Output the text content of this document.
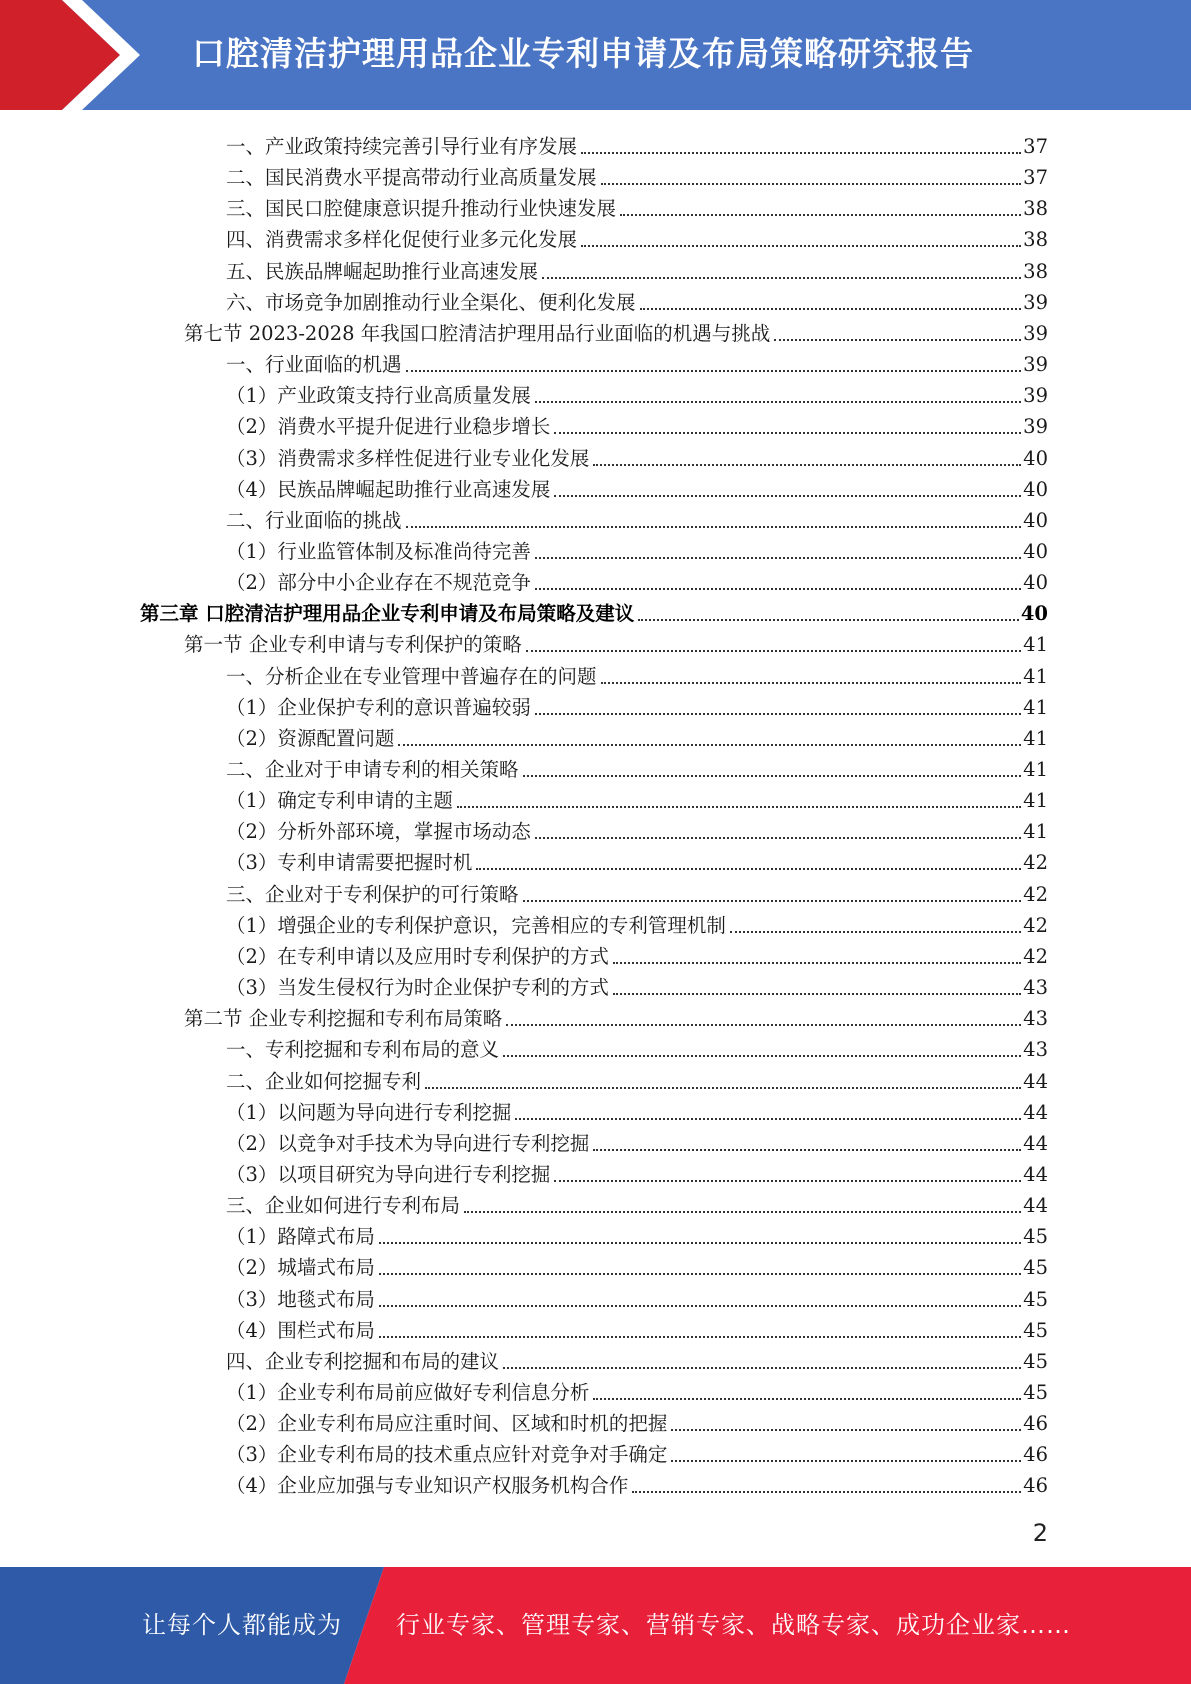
口腔清洁护理用品企业专利申请及布局策略研究报告
一、产业政策持续完善引导行业有序发展	37
二、国民消费水平提高带动行业高质量发展	37
三、国民口腔健康意识提升推动行业快速发展	38
四、消费需求多样化促使行业多元化发展	38
五、民族品牌崛起助推行业高速发展	38
六、市场竞争加剧推动行业全渠化、便利化发展	39
第七节 2023-2028 年我国口腔清洁护理用品行业面临的机遇与挑战	39
一、行业面临的机遇	39
（1）产业政策支持行业高质量发展	39
（2）消费水平提升促进行业稳步增长	39
（3）消费需求多样性促进行业专业化发展	40
（4）民族品牌崛起助推行业高速发展	40
二、行业面临的挑战	40
（1）行业监管体制及标准尚待完善	40
（2）部分中小企业存在不规范竞争	40
第三章 口腔清洁护理用品企业专利申请及布局策略及建议	40
第一节 企业专利申请与专利保护的策略	41
一、分析企业在专业管理中普遍存在的问题	41
（1）企业保护专利的意识普遍较弱	41
（2）资源配置问题	41
二、企业对于申请专利的相关策略	41
（1）确定专利申请的主题	41
（2）分析外部环境，掌握市场动态	41
（3）专利申请需要把握时机	42
三、企业对于专利保护的可行策略	42
（1）增强企业的专利保护意识，完善相应的专利管理机制	42
（2）在专利申请以及应用时专利保护的方式	42
（3）当发生侵权行为时企业保护专利的方式	43
第二节 企业专利挖掘和专利布局策略	43
一、专利挖掘和专利布局的意义	43
二、企业如何挖掘专利	44
（1）以问题为导向进行专利挖掘	44
（2）以竞争对手技术为导向进行专利挖掘	44
（3）以项目研究为导向进行专利挖掘	44
三、企业如何进行专利布局	44
（1）路障式布局	45
（2）城墙式布局	45
（3）地毯式布局	45
（4）围栏式布局	45
四、企业专利挖掘和布局的建议	45
（1）企业专利布局前应做好专利信息分析	45
（2）企业专利布局应注重时间、区域和时机的把握	46
（3）企业专利布局的技术重点应针对竞争对手确定	46
（4）企业应加强与专业知识产权服务机构合作	46
2
让每个人都能成为 行业专家、管理专家、营销专家、战略专家、成功企业家……
